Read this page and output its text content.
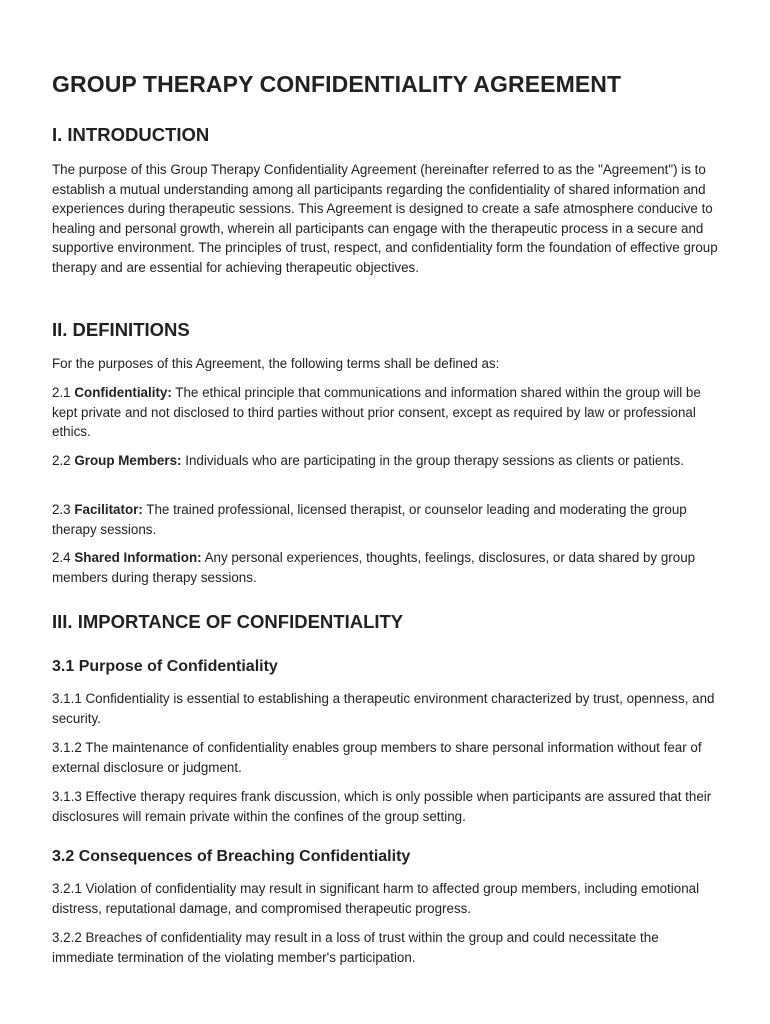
GROUP THERAPY CONFIDENTIALITY AGREEMENT
I. INTRODUCTION

The purpose of this Group Therapy Confidentiality Agreement (hereinafter referred to as the "Agreement") is to establish a mutual understanding among all participants regarding the confidentiality of shared information and experiences during therapeutic sessions. This Agreement is designed to create a safe atmosphere conducive to healing and personal growth, wherein all participants can engage with the therapeutic process in a secure and supportive environment. The principles of trust, respect, and confidentiality form the foundation of effective group therapy and are essential for achieving therapeutic objectives.

II. DEFINITIONS

For the purposes of this Agreement, the following terms shall be defined as:

2.1 Confidentiality: The ethical principle that communications and information shared within the group will be kept private and not disclosed to third parties without prior consent, except as required by law or professional ethics.

2.2 Group Members: Individuals who are participating in the group therapy sessions as clients or patients.

2.3 Facilitator: The trained professional, licensed therapist, or counselor leading and moderating the group therapy sessions.

2.4 Shared Information: Any personal experiences, thoughts, feelings, disclosures, or data shared by group members during therapy sessions.

III. IMPORTANCE OF CONFIDENTIALITY
3.1 Purpose of Confidentiality

3.1.1 Confidentiality is essential to establishing a therapeutic environment characterized by trust, openness, and security.

3.1.2 The maintenance of confidentiality enables group members to share personal information without fear of external disclosure or judgment.

3.1.3 Effective therapy requires frank discussion, which is only possible when participants are assured that their disclosures will remain private within the confines of the group setting.

3.2 Consequences of Breaching Confidentiality

3.2.1 Violation of confidentiality may result in significant harm to affected group members, including emotional distress, reputational damage, and compromised therapeutic progress.

3.2.2 Breaches of confidentiality may result in a loss of trust within the group and could necessitate the immediate termination of the violating member's participation.
